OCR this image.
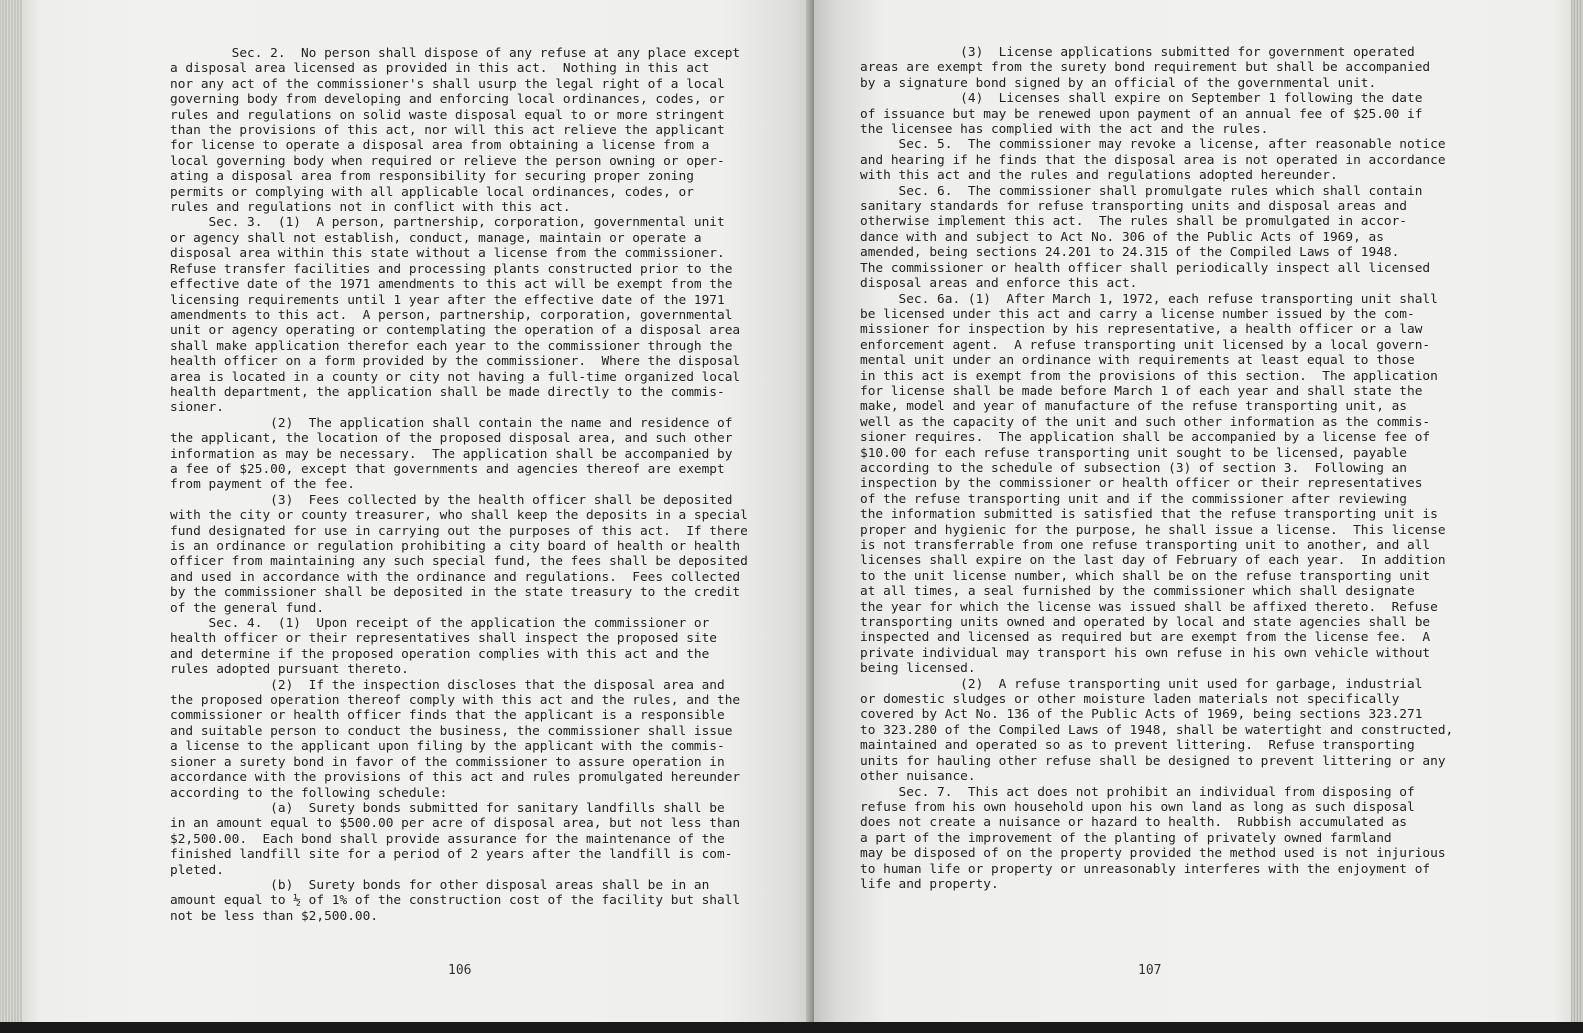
Sec. 2.  No person shall dispose of any refuse at any place except
a disposal area licensed as provided in this act.  Nothing in this act
nor any act of the commissioner's shall usurp the legal right of a local
governing body from developing and enforcing local ordinances, codes, or
rules and regulations on solid waste disposal equal to or more stringent
than the provisions of this act, nor will this act relieve the applicant
for license to operate a disposal area from obtaining a license from a
local governing body when required or relieve the person owning or oper-
ating a disposal area from responsibility for securing proper zoning
permits or complying with all applicable local ordinances, codes, or
rules and regulations not in conflict with this act.
Sec. 3.  (1)  A person, partnership, corporation, governmental unit
or agency shall not establish, conduct, manage, maintain or operate a
disposal area within this state without a license from the commissioner.
Refuse transfer facilities and processing plants constructed prior to the
effective date of the 1971 amendments to this act will be exempt from the
licensing requirements until 1 year after the effective date of the 1971
amendments to this act.  A person, partnership, corporation, governmental
unit or agency operating or contemplating the operation of a disposal area
shall make application therefor each year to the commissioner through the
health officer on a form provided by the commissioner.  Where the disposal
area is located in a county or city not having a full-time organized local
health department, the application shall be made directly to the commis-
sioner.
(2)  The application shall contain the name and residence of
the applicant, the location of the proposed disposal area, and such other
information as may be necessary.  The application shall be accompanied by
a fee of $25.00, except that governments and agencies thereof are exempt
from payment of the fee.
(3)  Fees collected by the health officer shall be deposited
with the city or county treasurer, who shall keep the deposits in a special
fund designated for use in carrying out the purposes of this act.  If there
is an ordinance or regulation prohibiting a city board of health or health
officer from maintaining any such special fund, the fees shall be deposited
and used in accordance with the ordinance and regulations.  Fees collected
by the commissioner shall be deposited in the state treasury to the credit
of the general fund.
Sec. 4.  (1)  Upon receipt of the application the commissioner or
health officer or their representatives shall inspect the proposed site
and determine if the proposed operation complies with this act and the
rules adopted pursuant thereto.
(2)  If the inspection discloses that the disposal area and
the proposed operation thereof comply with this act and the rules, and the
commissioner or health officer finds that the applicant is a responsible
and suitable person to conduct the business, the commissioner shall issue
a license to the applicant upon filing by the applicant with the commis-
sioner a surety bond in favor of the commissioner to assure operation in
accordance with the provisions of this act and rules promulgated hereunder
according to the following schedule:
(a)  Surety bonds submitted for sanitary landfills shall be
in an amount equal to $500.00 per acre of disposal area, but not less than
$2,500.00.  Each bond shall provide assurance for the maintenance of the
finished landfill site for a period of 2 years after the landfill is com-
pleted.
(b)  Surety bonds for other disposal areas shall be in an
amount equal to ½ of 1% of the construction cost of the facility but shall
not be less than $2,500.00.
106
(3)  License applications submitted for government operated
areas are exempt from the surety bond requirement but shall be accompanied
by a signature bond signed by an official of the governmental unit.
(4)  Licenses shall expire on September 1 following the date
of issuance but may be renewed upon payment of an annual fee of $25.00 if
the licensee has complied with the act and the rules.
Sec. 5.  The commissioner may revoke a license, after reasonable notice
and hearing if he finds that the disposal area is not operated in accordance
with this act and the rules and regulations adopted hereunder.
Sec. 6.  The commissioner shall promulgate rules which shall contain
sanitary standards for refuse transporting units and disposal areas and
otherwise implement this act.  The rules shall be promulgated in accor-
dance with and subject to Act No. 306 of the Public Acts of 1969, as
amended, being sections 24.201 to 24.315 of the Compiled Laws of 1948.
The commissioner or health officer shall periodically inspect all licensed
disposal areas and enforce this act.
Sec. 6a. (1)  After March 1, 1972, each refuse transporting unit shall
be licensed under this act and carry a license number issued by the com-
missioner for inspection by his representative, a health officer or a law
enforcement agent.  A refuse transporting unit licensed by a local govern-
mental unit under an ordinance with requirements at least equal to those
in this act is exempt from the provisions of this section.  The application
for license shall be made before March 1 of each year and shall state the
make, model and year of manufacture of the refuse transporting unit, as
well as the capacity of the unit and such other information as the commis-
sioner requires.  The application shall be accompanied by a license fee of
$10.00 for each refuse transporting unit sought to be licensed, payable
according to the schedule of subsection (3) of section 3.  Following an
inspection by the commissioner or health officer or their representatives
of the refuse transporting unit and if the commissioner after reviewing
the information submitted is satisfied that the refuse transporting unit is
proper and hygienic for the purpose, he shall issue a license.  This license
is not transferrable from one refuse transporting unit to another, and all
licenses shall expire on the last day of February of each year.  In addition
to the unit license number, which shall be on the refuse transporting unit
at all times, a seal furnished by the commissioner which shall designate
the year for which the license was issued shall be affixed thereto.  Refuse
transporting units owned and operated by local and state agencies shall be
inspected and licensed as required but are exempt from the license fee.  A
private individual may transport his own refuse in his own vehicle without
being licensed.
(2)  A refuse transporting unit used for garbage, industrial
or domestic sludges or other moisture laden materials not specifically
covered by Act No. 136 of the Public Acts of 1969, being sections 323.271
to 323.280 of the Compiled Laws of 1948, shall be watertight and constructed,
maintained and operated so as to prevent littering.  Refuse transporting
units for hauling other refuse shall be designed to prevent littering or any
other nuisance.
Sec. 7.  This act does not prohibit an individual from disposing of
refuse from his own household upon his own land as long as such disposal
does not create a nuisance or hazard to health.  Rubbish accumulated as
a part of the improvement of the planting of privately owned farmland
may be disposed of on the property provided the method used is not injurious
to human life or property or unreasonably interferes with the enjoyment of
life and property.
107
